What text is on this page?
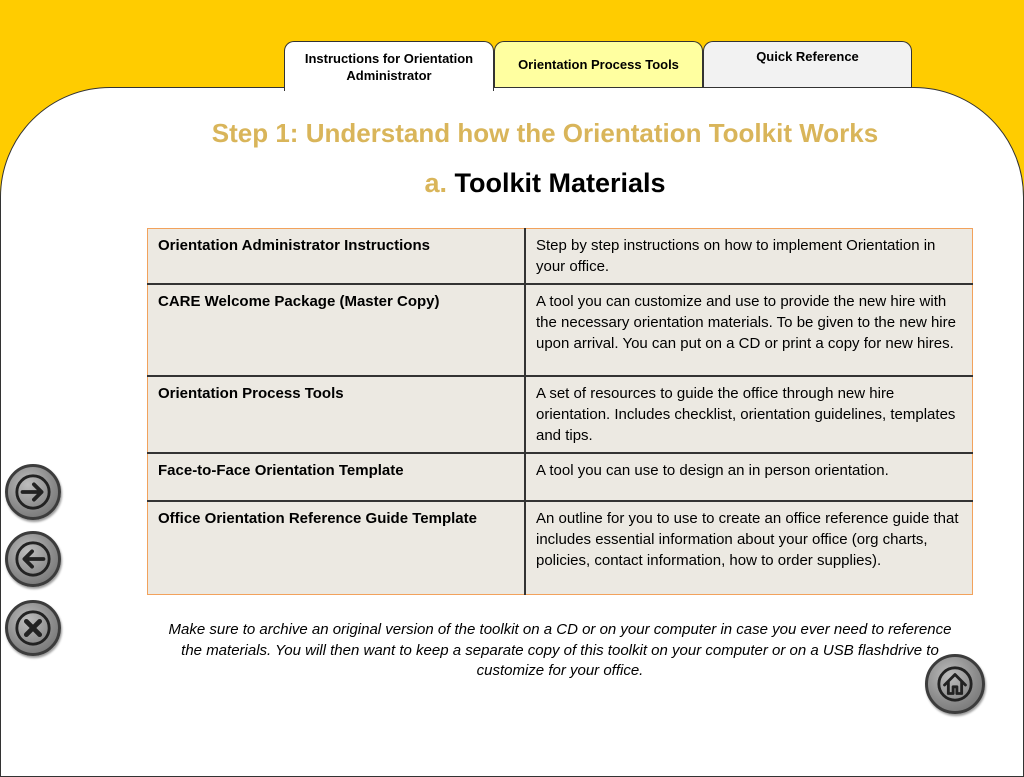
Instructions for Orientation Administrator
Orientation Process Tools
Quick Reference
Step 1: Understand how the Orientation Toolkit Works
a. Toolkit Materials
Orientation Administrator Instructions	Step by step instructions on how to implement Orientation in your office.
CARE Welcome Package (Master Copy)	A tool you can customize and use to provide the new hire with the necessary orientation materials. To be given to the new hire upon arrival. You can put on a CD or print a copy for new hires.
Orientation Process Tools	A set of resources to guide the office through new hire orientation. Includes checklist, orientation guidelines, templates and tips.
Face-to-Face Orientation Template	A tool you can use to design an in person orientation.
Office Orientation Reference Guide Template	An outline for you to use to create an office reference guide that includes essential information about your office (org charts, policies, contact information, how to order supplies).

Make sure to archive an original version of the toolkit on a CD or on your computer in case you ever need to reference the materials. You will then want to keep a separate copy of this toolkit on your computer or on a USB flashdrive to customize for your office.
